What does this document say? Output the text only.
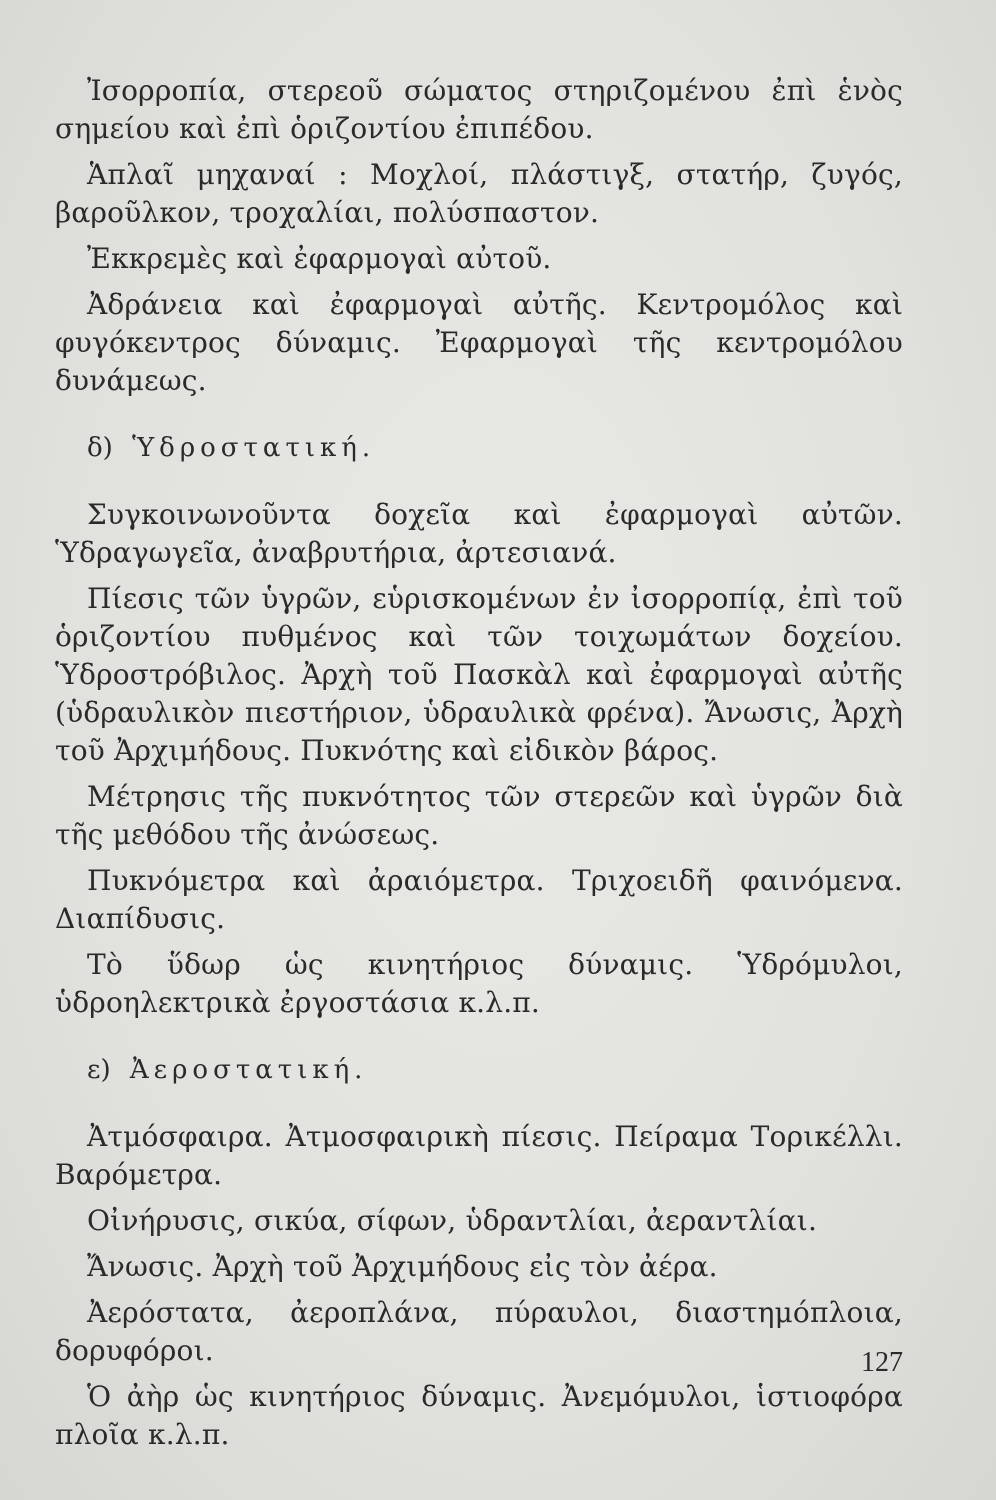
Ἰσορροπία, στερεοῦ σώματος στηριζομένου ἐπὶ ἑνὸς σημείου καὶ ἐπὶ ὁριζοντίου ἐπιπέδου.

Ἁπλαῖ μηχαναί : Μοχλοί, πλάστιγξ, στατήρ, ζυγός, βαροῦλκον, τροχαλίαι, πολύσπαστον.

Ἐκκρεμὲς καὶ ἐφαρμογαὶ αὐτοῦ.

Ἀδράνεια καὶ ἐφαρμογαὶ αὐτῆς. Κεντρομόλος καὶ φυγόκεντρος δύναμις. Ἐφαρμογαὶ τῆς κεντρομόλου δυνάμεως.

δ) Ὑδροστατική.

Συγκοινωνοῦντα δοχεῖα καὶ ἐφαρμογαὶ αὐτῶν. Ὑδραγωγεῖα, ἀναβρυτήρια, ἀρτεσιανά.

Πίεσις τῶν ὑγρῶν, εὑρισκομένων ἐν ἰσορροπίᾳ, ἐπὶ τοῦ ὁριζοντίου πυθμένος καὶ τῶν τοιχωμάτων δοχείου. Ὑδροστρόβιλος. Ἀρχὴ τοῦ Πασκὰλ καὶ ἐφαρμογαὶ αὐτῆς (ὑδραυλικὸν πιεστήριον, ὑδραυλικὰ φρένα). Ἄνωσις, Ἀρχὴ τοῦ Ἀρχιμήδους. Πυκνότης καὶ εἰδικὸν βάρος.

Μέτρησις τῆς πυκνότητος τῶν στερεῶν καὶ ὑγρῶν διὰ τῆς μεθόδου τῆς ἀνώσεως.

Πυκνόμετρα καὶ ἀραιόμετρα. Τριχοειδῆ φαινόμενα. Διαπίδυσις.

Τὸ ὕδωρ ὡς κινητήριος δύναμις. Ὑδρόμυλοι, ὑδροηλεκτρικὰ ἐργοστάσια κ.λ.π.

ε) Ἀεροστατική.

Ἀτμόσφαιρα. Ἀτμοσφαιρικὴ πίεσις. Πείραμα Τορικέλλι. Βαρόμετρα.

Οἰνήρυσις, σικύα, σίφων, ὑδραντλίαι, ἀεραντλίαι.

Ἄνωσις. Ἀρχὴ τοῦ Ἀρχιμήδους εἰς τὸν ἀέρα.

Ἀερόστατα, ἀεροπλάνα, πύραυλοι, διαστημόπλοια, δορυφόροι.

Ὁ ἀὴρ ὡς κινητήριος δύναμις. Ἀνεμόμυλοι, ἱστιοφόρα πλοῖα κ.λ.π.

127
